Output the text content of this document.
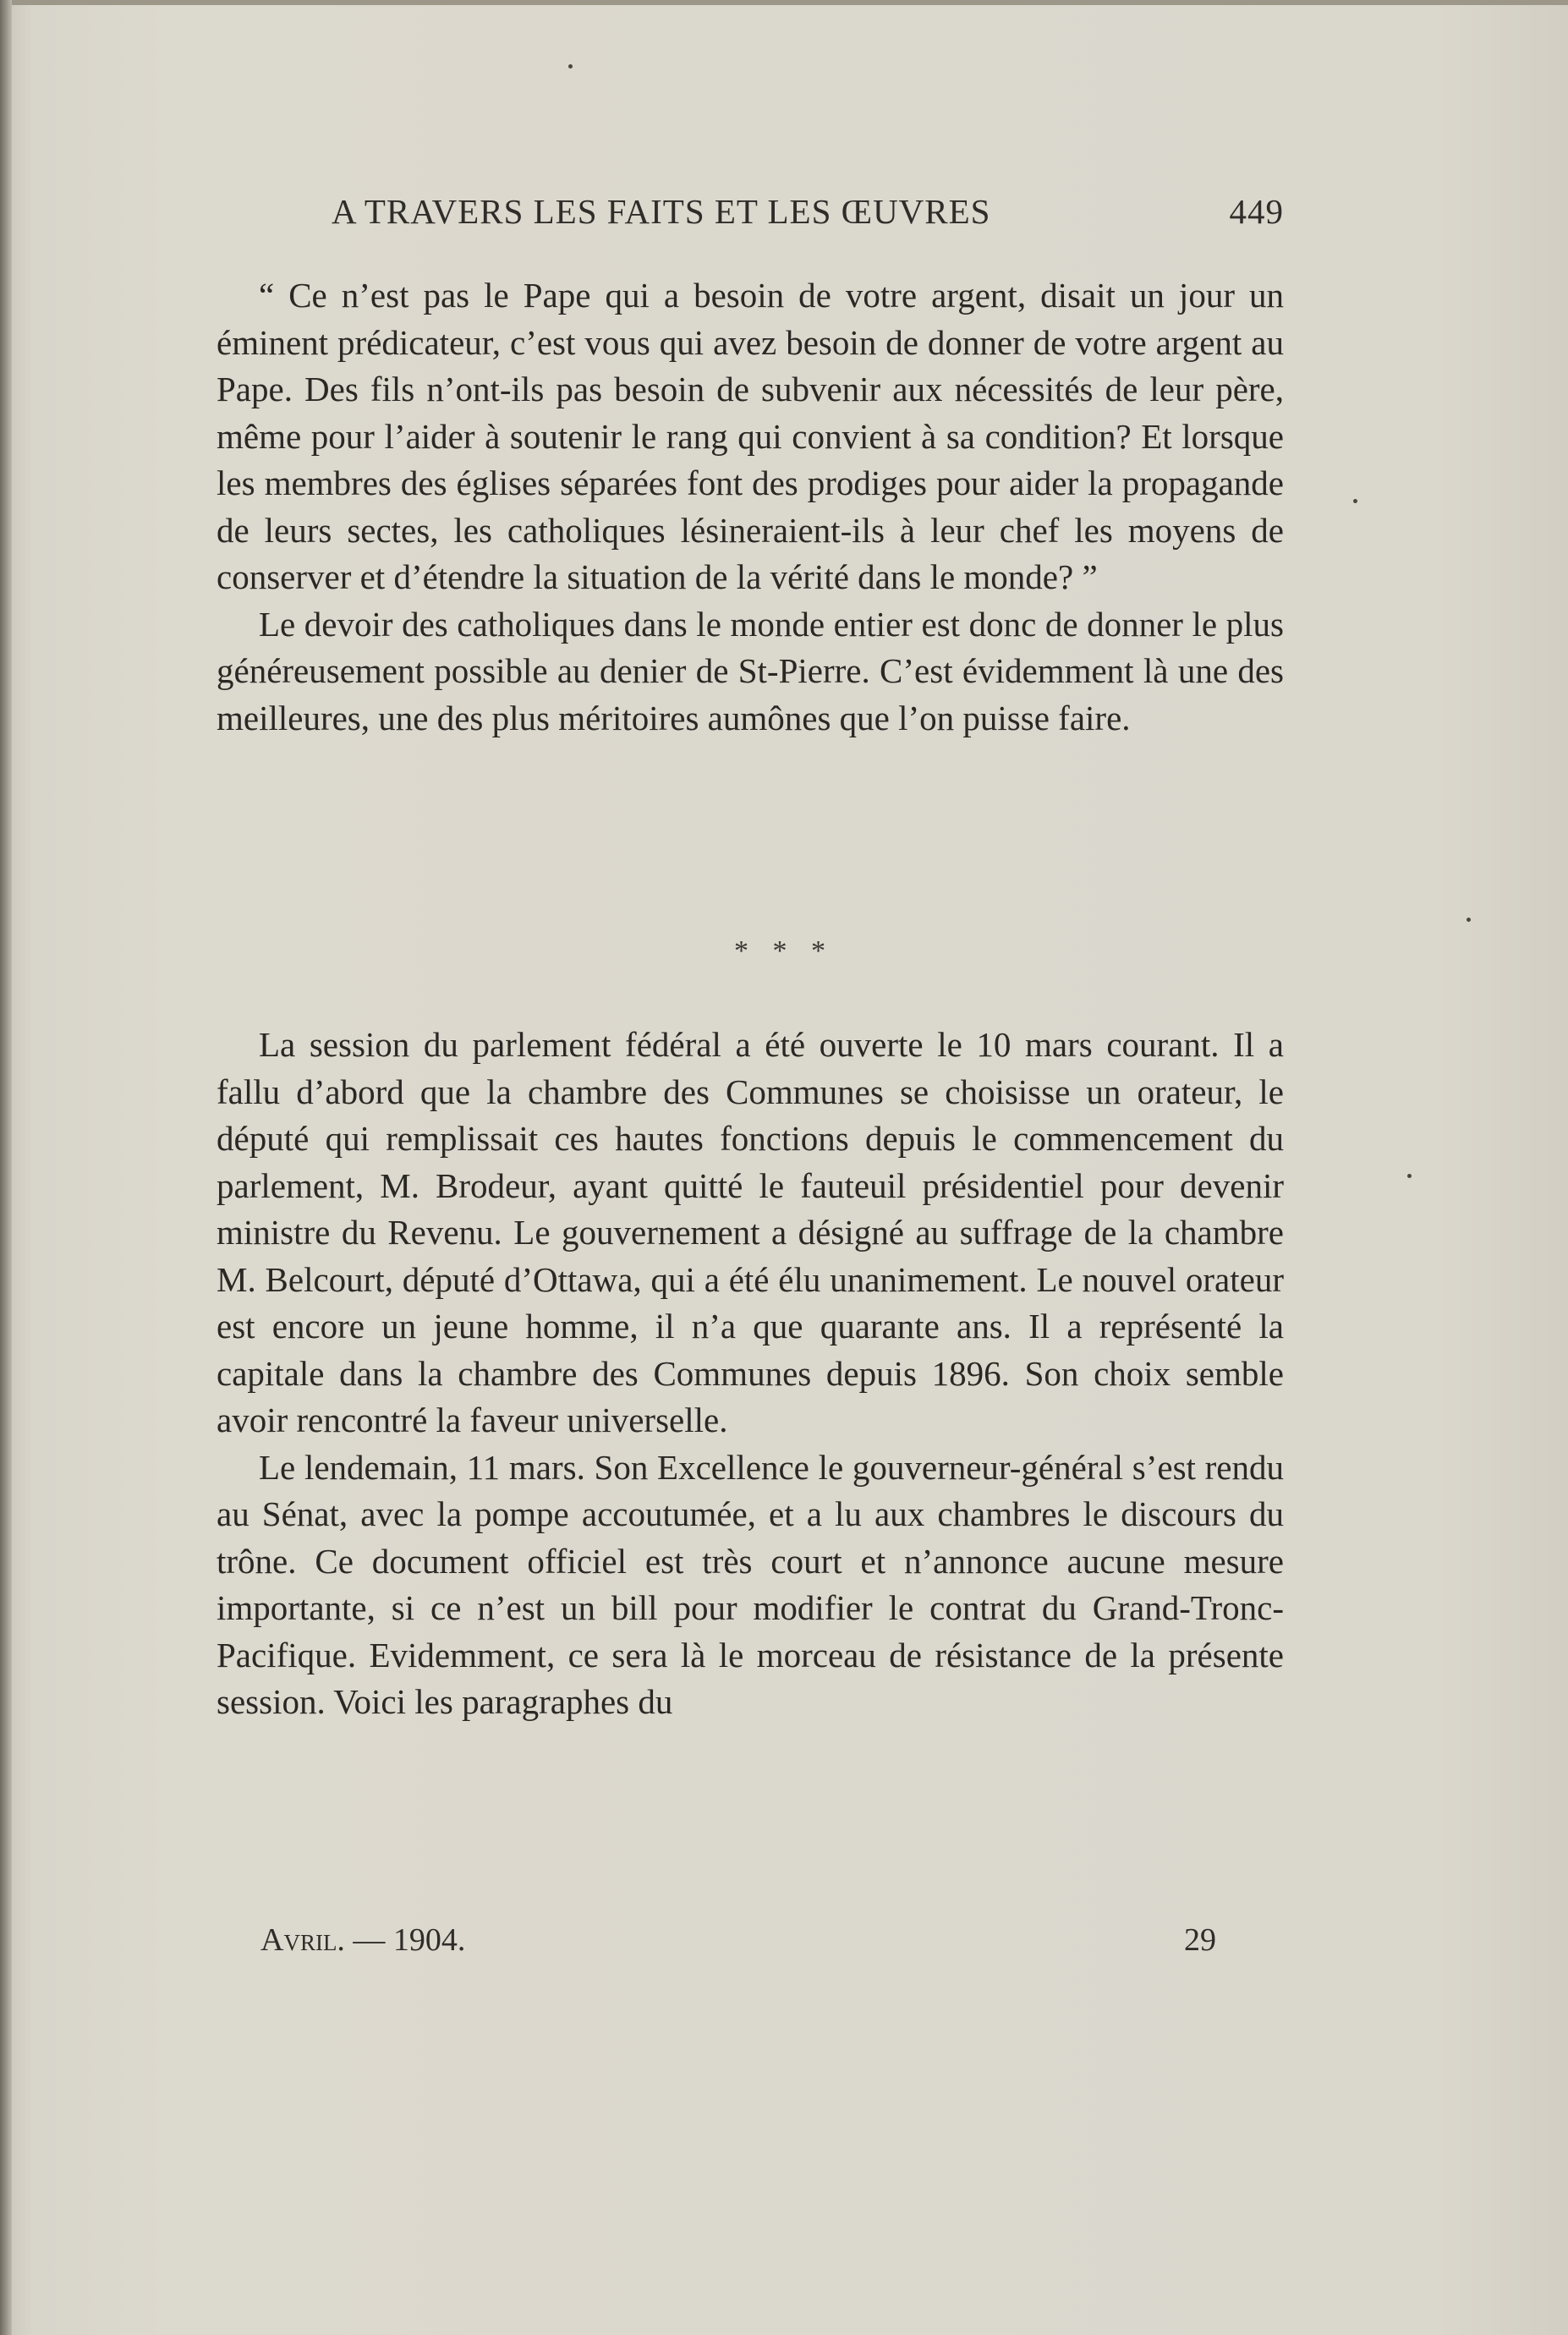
A TRAVERS LES FAITS ET LES ŒUVRES	449

“ Ce n’est pas le Pape qui a besoin de votre argent, disait un jour un éminent prédicateur, c’est vous qui avez besoin de donner de votre argent au Pape. Des fils n’ont-ils pas besoin de subvenir aux nécessités de leur père, même pour l’aider à soutenir le rang qui convient à sa condition? Et lorsque les membres des églises séparées font des prodiges pour aider la propagande de leurs sectes, les catholiques lésineraient-ils à leur chef les moyens de conserver et d’étendre la situation de la vérité dans le monde? ”

Le devoir des catholiques dans le monde entier est donc de donner le plus généreusement possible au denier de St-Pierre. C’est évidemment là une des meilleures, une des plus méritoires aumônes que l’on puisse faire.

* * *

La session du parlement fédéral a été ouverte le 10 mars courant. Il a fallu d’abord que la chambre des Communes se choisisse un orateur, le député qui remplissait ces hautes fonctions depuis le commencement du parlement, M. Brodeur, ayant quitté le fauteuil présidentiel pour devenir ministre du Revenu. Le gouvernement a désigné au suffrage de la chambre M. Belcourt, député d’Ottawa, qui a été élu unanimement. Le nouvel orateur est encore un jeune homme, il n’a que quarante ans. Il a représenté la capitale dans la chambre des Communes depuis 1896. Son choix semble avoir rencontré la faveur universelle.

Le lendemain, 11 mars. Son Excellence le gouverneur-général s’est rendu au Sénat, avec la pompe accoutumée, et a lu aux chambres le discours du trône. Ce document officiel est très court et n’annonce aucune mesure importante, si ce n’est un bill pour modifier le contrat du Grand-Tronc-Pacifique. Evidemment, ce sera là le morceau de résistance de la présente session. Voici les paragraphes du

Avril. — 1904.	29
